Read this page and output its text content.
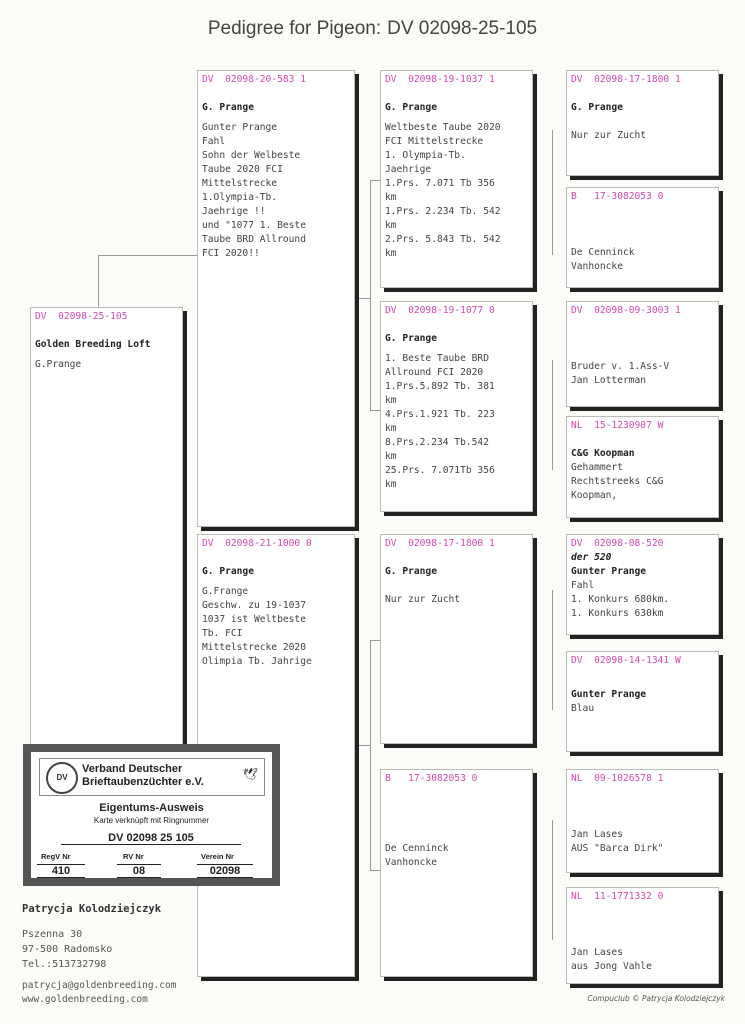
Pedigree for Pigeon: DV 02098-25-105
DV  02098-25-105
Golden Breeding Loft
G.Prange
DV  02098-20-583 1
G. Prange
Gunter Prange
Fahl
Sohn der Welbeste
Taube 2020 FCI
Mittelstrecke
1.Olympia-Tb.
Jaehrige !!
und "1077 1. Beste
Taube BRD Allround
FCI 2020!!
DV  02098-21-1000 0
G. Prange
G.Frange
Geschw. zu 19-1037
1037 ist Weltbeste
Tb. FCI
Mittelstrecke 2020
Olimpia Tb. Jahrige
DV  02098-19-1037 1
G. Prange
Weltbeste Taube 2020
FCI Mittelstrecke
1. Olympia-Tb.
Jaehrige
1.Prs. 7.071 Tb 356
km
1.Prs. 2.234 Tb. 542
km
2.Prs. 5.843 Tb. 542
km
DV  02098-19-1077 0
G. Prange
1. Beste Taube BRD
Allround FCI 2020
1.Prs.5.892 Tb. 381
km
4.Prs.1.921 Tb. 223
km
8.Prs.2.234 Tb.542
km
25.Prs. 7.071Tb 356
km
DV  02098-17-1800 1
G. Prange
Nur zur Zucht
B   17-3082053 0
De Cenninck
Vanhoncke
DV  02098-17-1800 1
G. Prange
Nur zur Zucht
B   17-3082053 0
De Cenninck
Vanhoncke
DV  02098-09-3003 1
Bruder v. 1.Ass-V
Jan Lotterman
NL  15-1230907 W
C&G Koopman
Gehammert
Rechtstreeks C&G
Koopman,
DV  02098-08-520
der 520
Gunter Prange
Fahl
1. Konkurs 680km.
1. Konkurs 630km
DV  02098-14-1341 W
Gunter Prange
Blau
NL  09-1026578 1
Jan Lases
AUS "Barca Dirk"
NL  11-1771332 0
Jan Lases
aus Jong Vahle
DV
Verband Deutscher
Brieftaubenzüchter e.V.
🕊
Eigentums-Ausweis
Karte verknüpft mit Ringnummer
DV 02098 25 105
RegV Nr	RV Nr	Verein Nr
410	08	02098
Patrycja Kolodziejczyk
Pszenna 30
97-500 Radomsko
Tel.:513732798
patrycja@goldenbreeding.com
www.goldenbreeding.com	Compuclub © Patrycja Kolodziejczyk
